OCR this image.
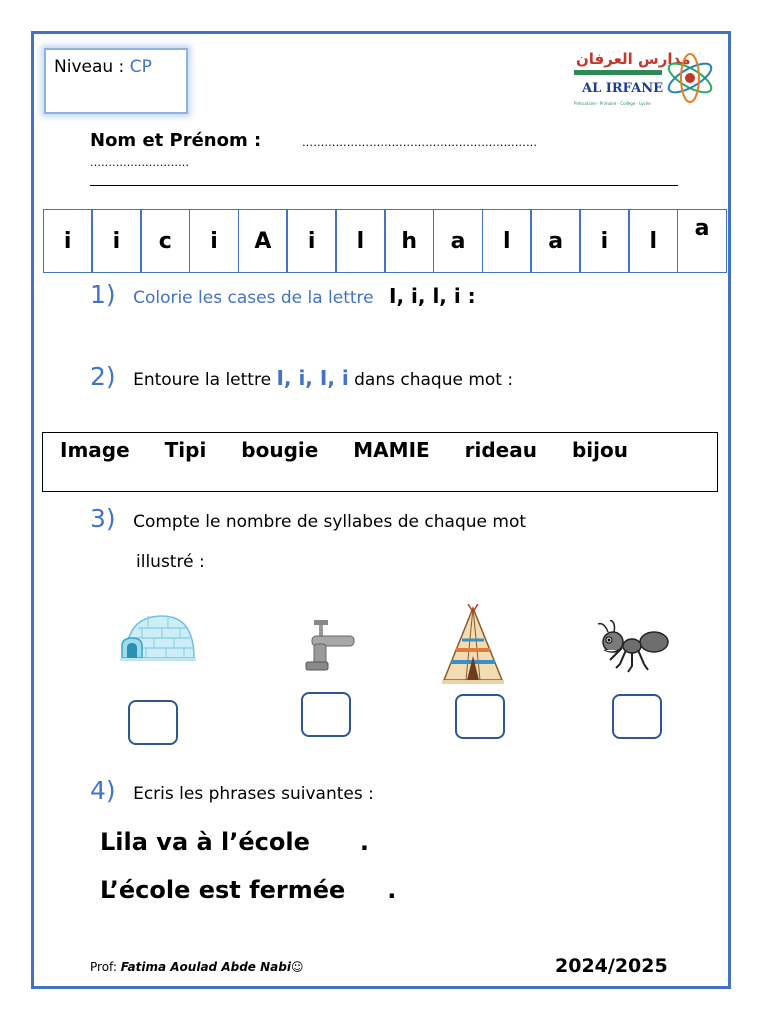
Niveau : CP	مدارس العرفان
AL IRFANE
Préscolaire - Primaire - Collège - Lycée
Nom et Prénom :	………………………………………………………
………………………
i i c i A i l h a l a i l a
1) Colorie les cases de la lettre I, i, l, i :
2) Entoure la lettre I, i, I, i dans chaque mot :
Image Tipi bougie MAMIE rideau bijou
3) Compte le nombre de syllabes de chaque mot
illustré :
4) Ecris les phrases suivantes :
Lila va à l’école .
L’école est fermée .
Prof: Fatima Aoulad Abde Nabi☺	2024/2025
